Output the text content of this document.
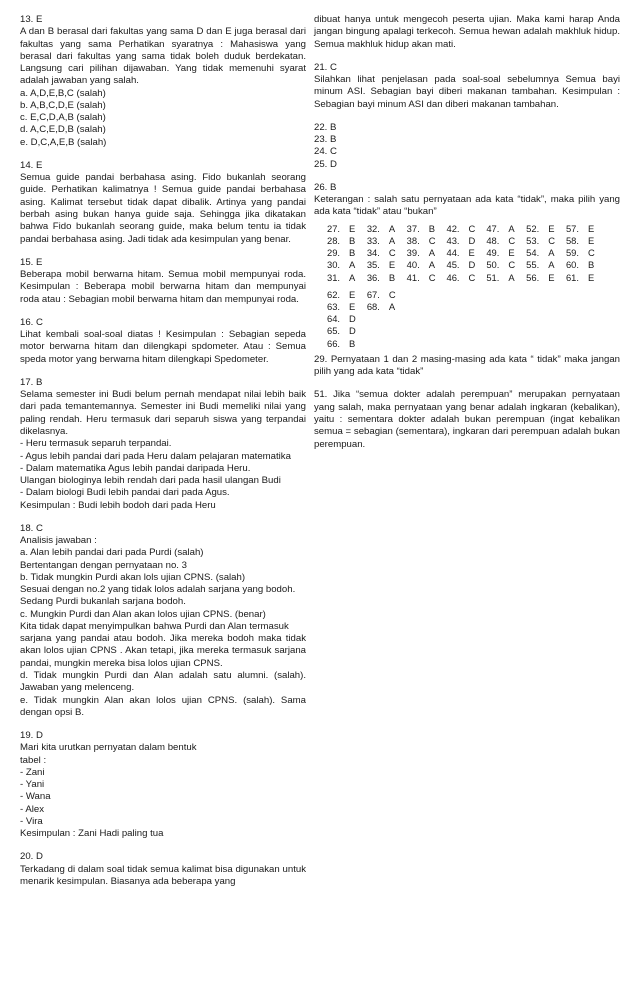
13. E
A dan B berasal dari fakultas yang sama D dan E juga berasal dari fakultas yang sama Perhatikan syaratnya : Mahasiswa yang berasal dari fakultas yang sama tidak boleh duduk berdekatan. Langsung cari pilihan dijawaban. Yang tidak memenuhi syarat adalah jawaban yang salah.
a. A,D,E,B,C (salah)
b. A,B,C,D,E (salah)
c. E,C,D,A,B (salah)
d. A,C,E,D,B (salah)
e. D,C,A,E,B (salah)
14. E
Semua guide pandai berbahasa asing. Fido bukanlah seorang guide. Perhatikan kalimatnya ! Semua guide pandai berbahasa asing. Kalimat tersebut tidak dapat dibalik. Artinya yang pandai berbah asing bukan hanya guide saja. Sehingga jika dikatakan bahwa Fido bukanlah seorang guide, maka belum tentu ia tidak pandai berbahasa asing. Jadi tidak ada kesimpulan yang benar.
15. E
Beberapa mobil berwarna hitam. Semua mobil mempunyai roda. Kesimpulan : Beberapa mobil berwarna hitam dan mempunyai roda atau : Sebagian mobil berwarna hitam dan mempunyai roda.
16. C
Lihat kembali soal-soal diatas ! Kesimpulan : Sebagian sepeda motor berwarna hitam dan dilengkapi spdometer. Atau : Semua speda motor yang berwarna hitam dilengkapi Spedometer.
17. B
Selama semester ini Budi belum pernah mendapat nilai lebih baik dari pada temantemannya. Semester ini Budi memeliki nilai yang paling rendah. Heru termasuk dari separuh siswa yang terpandai dikelasnya.
- Heru termasuk separuh terpandai.
- Agus lebih pandai dari pada Heru dalam pelajaran matematika
- Dalam matematika Agus lebih pandai daripada Heru.
Ulangan biologinya lebih rendah dari pada hasil ulangan Budi
- Dalam biologi Budi lebih pandai dari pada Agus.
Kesimpulan : Budi lebih bodoh dari pada Heru
18. C
Analisis jawaban :
a. Alan lebih pandai dari pada Purdi (salah)
Bertentangan dengan pernyataan no. 3
b. Tidak mungkin Purdi akan lols ujian CPNS. (salah)
Sesuai dengan no.2 yang tidak lolos adalah sarjana yang bodoh. Sedang Purdi bukanlah sarjana bodoh.
c. Mungkin Purdi dan Alan akan lolos ujian CPNS. (benar)
Kita tidak dapat menyimpulkan bahwa Purdi dan Alan termasuk
sarjana yang pandai atau bodoh. Jika mereka bodoh maka tidak akan lolos ujian CPNS . Akan tetapi, jika mereka termasuk sarjana pandai, mungkin mereka bisa lolos ujian CPNS.
d. Tidak mungkin Purdi dan Alan adalah satu alumni. (salah). Jawaban yang melenceng.
e. Tidak mungkin Alan akan lolos ujian CPNS. (salah). Sama dengan opsi B.
19. D
Mari kita urutkan pernyatan dalam bentuk
tabel :
- Zani
- Yani
- Wana
- Alex
- Vira
Kesimpulan : Zani Hadi paling tua
20. D
Terkadang di dalam soal tidak semua kalimat bisa digunakan untuk menarik kesimpulan. Biasanya ada beberapa yang
dibuat hanya untuk mengecoh peserta ujian. Maka kami harap Anda jangan bingung apalagi terkecoh. Semua hewan adalah makhluk hidup. Semua makhluk hidup akan mati.
21. C
Silahkan lihat penjelasan pada soal-soal sebelumnya Semua bayi minum ASI. Sebagian bayi diberi makanan tambahan. Kesimpulan : Sebagian bayi minum ASI dan diberi makanan tambahan.
22. B
23. B
24. C
25. D
26. B
Keterangan : salah satu pernyataan ada kata “tidak”, maka pilih yang ada kata “tidak” atau “bukan”
27.	E	32.	A	37.	B	42.	C	47.	A	52.	E	57.	E
28.	B	33.	A	38.	C	43.	D	48.	C	53.	C	58.	E
29.	B	34.	C	39.	A	44.	E	49.	E	54.	A	59.	C
30.	A	35.	E	40.	A	45.	D	50.	C	55.	A	60.	B
31.	A	36.	B	41.	C	46.	C	51.	A	56.	E	61.	E
62.	E	67.	C										
63.	E	68.	A										
64.	D												
65.	D												
66.	B												
29. Pernyataan 1 dan 2 masing-masing ada kata “ tidak” maka jangan pilih yang ada kata “tidak”
51. Jika “semua dokter adalah perempuan” merupakan pernyataan yang salah, maka pernyataan yang benar adalah ingkaran (kebalikan), yaitu : sementara dokter adalah bukan perempuan (ingat kebalikan semua = sebagian (sementara), ingkaran dari perempuan adalah bukan perempuan.
